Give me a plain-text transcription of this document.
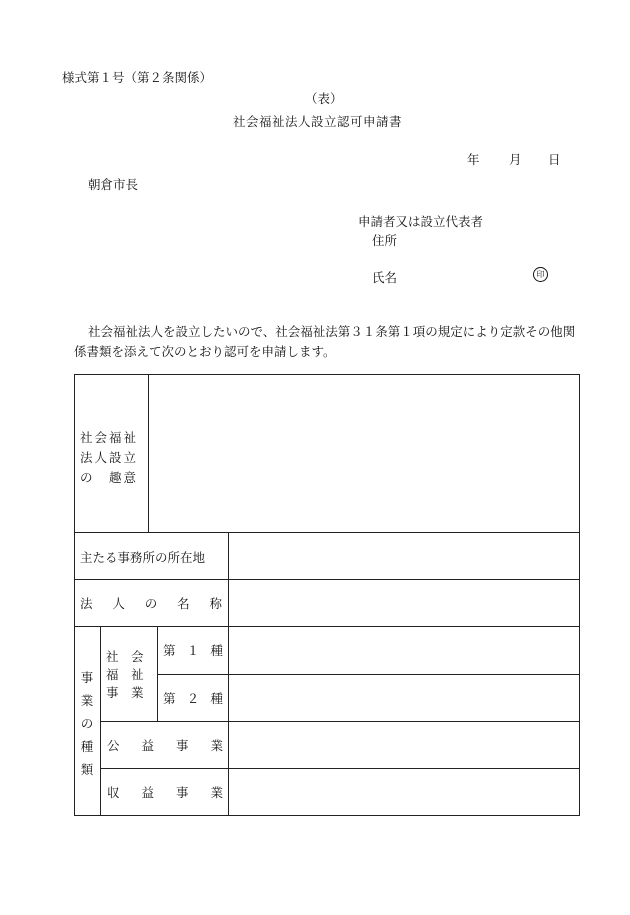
様式第１号（第２条関係）
（表）
社会福祉法人設立認可申請書
年 月 日
朝倉市長
申請者又は設立代表者
住所
氏名	印
社会福祉法人を設立したいので、社会福祉法第３１条第１項の規定により定款その他関係書類を添えて次のとおり認可を申請します。
社会福祉
法人設立
の　趣意
主たる事務所の所在地
法 人 の 名 称
事
業
の
種
類
社　会
福　祉
事　業
第 １ 種
第 ２ 種
公 益 事 業
収 益 事 業
